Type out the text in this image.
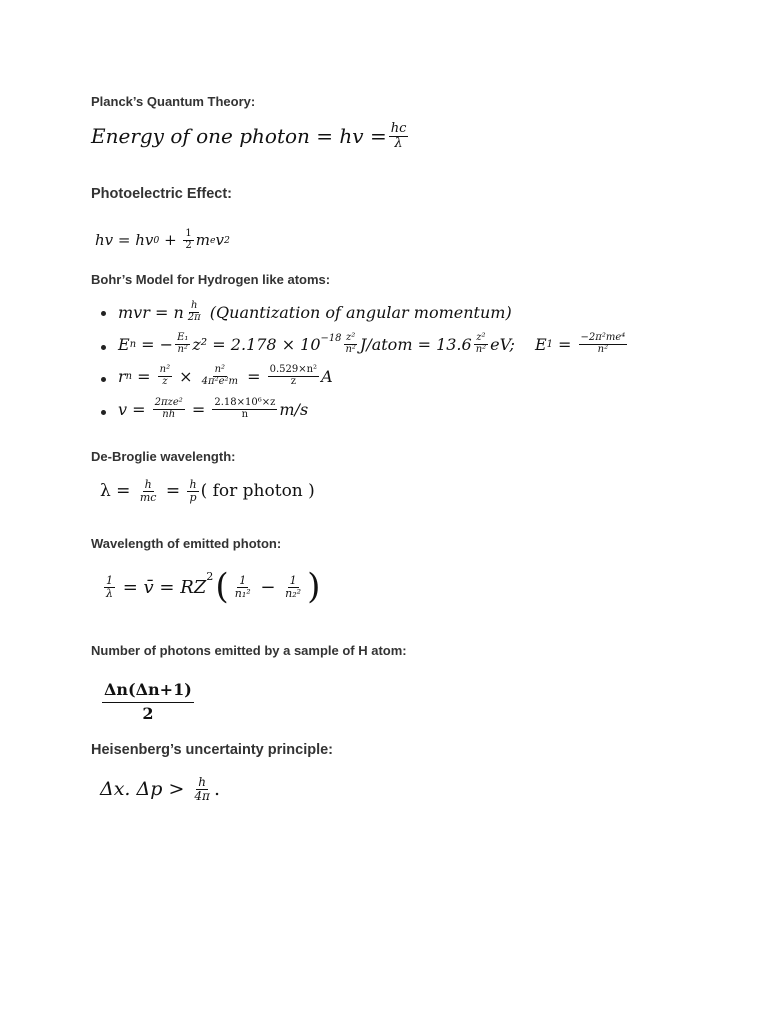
Planck’s Quantum Theory:
Energy of one photon = hv = $\frac{hc}{\lambda}$
Photoelectric Effect:
hv = hv $0 + \frac{1}{2}$ m e v 2
Bohr’s Model for Hydrogen like atoms:
mvr = n $\frac{h}{2\pi}$ (Quantization of angular momentum)
E n = − $\frac{\text{E₁}}{\text{n²}} z^2 = 2.178 \times 10^{-18} \frac{\text{z²}}{\text{n²}}$ J/atom = $13.6 \frac{\text{z²}}{\text{n²}}$ eV; E $1 = \frac{\text{−2π²me⁴}}{\text{n²}}$
r $n = \frac{\text{n²}}{z} \times \frac{\text{n²}}{\text{4π²e²m}} = \frac{\text{0.529×n²}}{z}$ A
$v = \frac{\text{2πze²}}{nh} = \frac{\text{2.18×10⁶×z}}{n} m/s$
De-Broglie wavelength:
$\lambda = \frac{h}{mc} = \frac{h}{p}$ ( for photon )
Wavelength of emitted photon:
$\frac{1}{\lambda}$ = v̄ = RZ
$^2$ ( $\frac{1}{\text{n₁²}} - \frac{1}{\text{n₂²}}$ )
Number of photons emitted by a sample of H atom:
$\frac{\Delta n(\Delta n+1)}{2}$
Heisenberg’s uncertainty principle:
Δx. $\Delta p > \frac{h}{4\pi}$ .
